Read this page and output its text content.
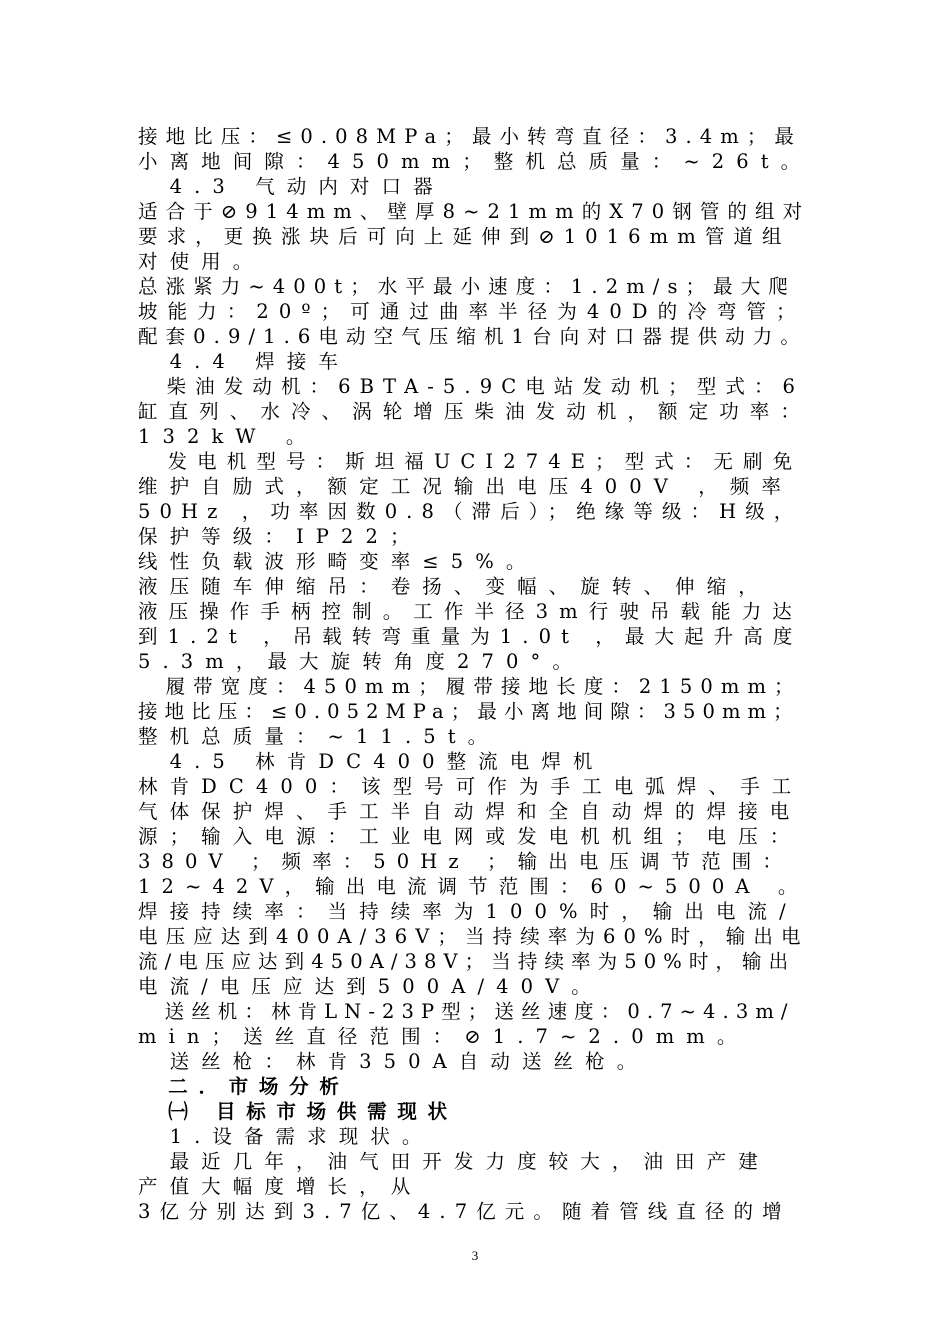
接地比压：≤0.08MPa；最小转弯直径：3.4m；最
小离地间隙：450mm；整机总质量：~26t。
　4.3 气动内对口器
适合于⊘914mm、壁厚8~21mm的X70钢管的组对
要求，更换涨块后可向上延伸到⊘1016mm管道组
对使用。
总涨紧力~400t；水平最小速度：1.2m/s；最大爬
坡能力：20º；可通过曲率半径为40D的冷弯管；
配套0.9/1.6电动空气压缩机1台向对口器提供动力。
　4.4 焊接车
　柴油发动机：6BTA-5.9C电站发动机；型式：6
缸直列、水冷、涡轮增压柴油发动机，额定功率：
132kW 。
　发电机型号：斯坦福UCI274E；型式：无刷免
维护自励式，额定工况输出电压400V ，频率
50Hz ，功率因数0.8（滞后）；绝缘等级：H级，
保护等级：IP22；
线性负载波形畸变率≤5%。
液压随车伸缩吊：卷扬、变幅、旋转、伸缩，
液压操作手柄控制。工作半径3m行驶吊载能力达
到1.2t ，吊载转弯重量为1.0t ，最大起升高度
5.3m，最大旋转角度270°。
　履带宽度：450mm；履带接地长度：2150mm；
接地比压：≤0.052MPa；最小离地间隙：350mm；
整机总质量：~11.5t。
　4.5 林肯DC400整流电焊机
林肯DC400：该型号可作为手工电弧焊、手工
气体保护焊、手工半自动焊和全自动焊的焊接电
源；输入电源：工业电网或发电机机组；电压：
380V ；频率：50Hz ；输出电压调节范围：
12~42V，输出电流调节范围：60~500A 。
焊接持续率：当持续率为100%时，输出电流/
电压应达到400A/36V；当持续率为60%时，输出电
流/电压应达到450A/38V；当持续率为50%时，输出
电流/电压应达到500A/40V。
　送丝机：林肯LN-23P型；送丝速度：0.7~4.3m/
min；送丝直径范围：⊘1.7~2.0mm。
　送丝枪：林肯350A自动送丝枪。
　二．市场分析
　㈠ 目标市场供需现状
　1.设备需求现状。
　最近几年，油气田开发力度较大，油田产建
产值大幅度增长，从
3亿分别达到3.7亿、4.7亿元。随着管线直径的增
3
